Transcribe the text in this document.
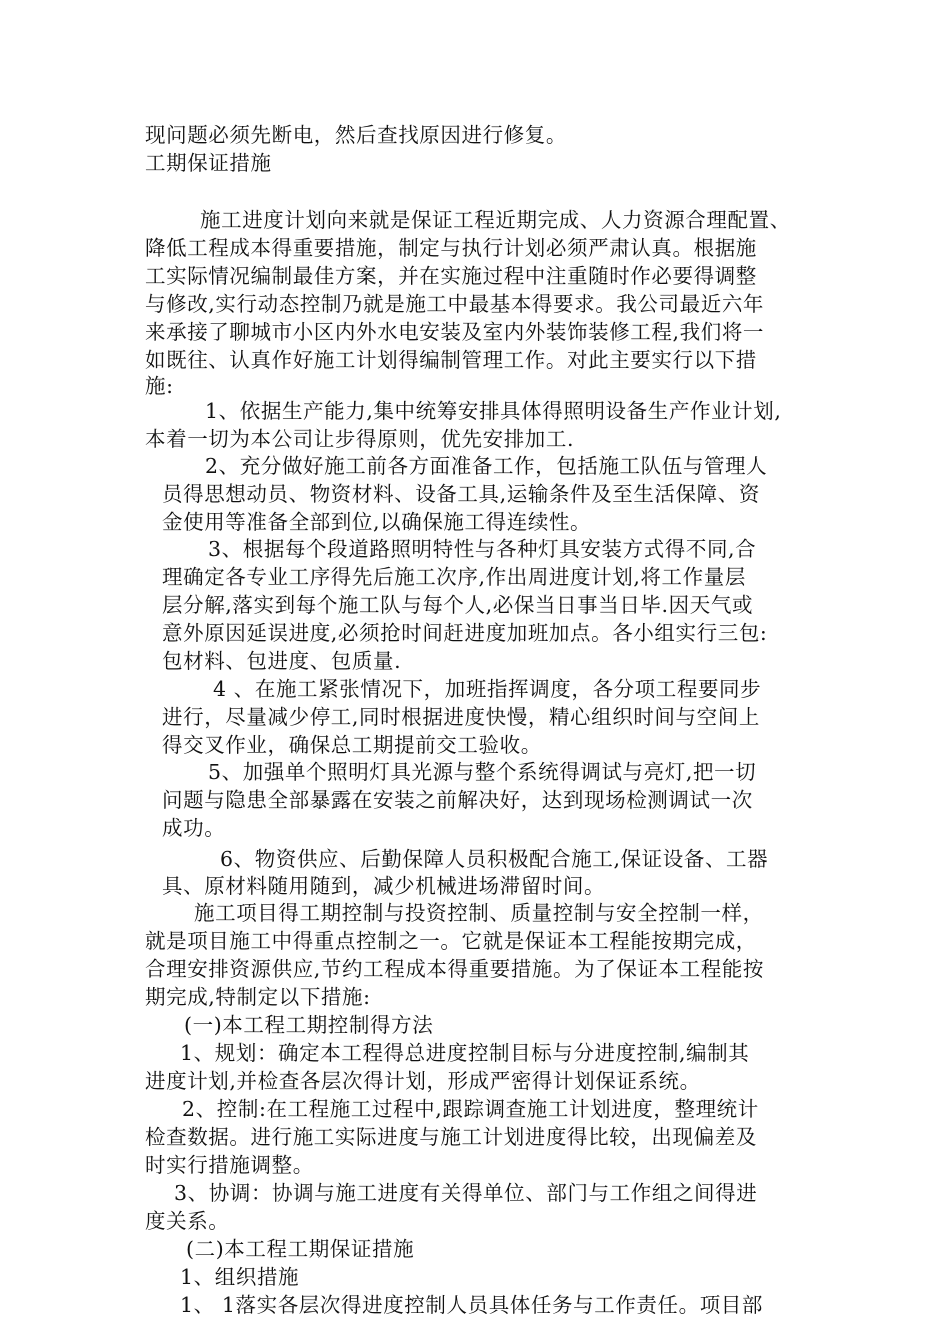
现问题必须先断电，然后查找原因进行修复。
工期保证措施
施工进度计划向来就是保证工程近期完成、人力资源合理配置、
降低工程成本得重要措施，制定与执行计划必须严肃认真。根据施
工实际情况编制最佳方案，并在实施过程中注重随时作必要得调整
与修改,实行动态控制乃就是施工中最基本得要求。我公司最近六年
来承接了聊城市小区内外水电安装及室内外装饰装修工程,我们将一
如既往、认真作好施工计划得编制管理工作。对此主要实行以下措
施:
1、依据生产能力,集中统筹安排具体得照明设备生产作业计划,
本着一切为本公司让步得原则，优先安排加工.
2、充分做好施工前各方面准备工作，包括施工队伍与管理人
员得思想动员、物资材料、设备工具,运输条件及至生活保障、资
金使用等准备全部到位,以确保施工得连续性。
3、根据每个段道路照明特性与各种灯具安装方式得不同,合
理确定各专业工序得先后施工次序,作出周进度计划,将工作量层
层分解,落实到每个施工队与每个人,必保当日事当日毕.因天气或
意外原因延误进度,必须抢时间赶进度加班加点。各小组实行三包:
包材料、包进度、包质量.
4 、在施工紧张情况下，加班指挥调度，各分项工程要同步
进行，尽量减少停工,同时根据进度快慢，精心组织时间与空间上
得交叉作业，确保总工期提前交工验收。
5、加强单个照明灯具光源与整个系统得调试与亮灯,把一切
问题与隐患全部暴露在安装之前解决好，达到现场检测调试一次
成功。
6、物资供应、后勤保障人员积极配合施工,保证设备、工器
具、原材料随用随到，减少机械进场滞留时间。
施工项目得工期控制与投资控制、质量控制与安全控制一样，
就是项目施工中得重点控制之一。它就是保证本工程能按期完成，
合理安排资源供应,节约工程成本得重要措施。为了保证本工程能按
期完成,特制定以下措施:
(一)本工程工期控制得方法
1、规划：确定本工程得总进度控制目标与分进度控制,编制其
进度计划,并检查各层次得计划，形成严密得计划保证系统。
2、控制:在工程施工过程中,跟踪调查施工计划进度，整理统计
检查数据。进行施工实际进度与施工计划进度得比较，出现偏差及
时实行措施调整。
3、协调：协调与施工进度有关得单位、部门与工作组之间得进
度关系。
(二)本工程工期保证措施
1、组织措施
1、 1落实各层次得进度控制人员具体任务与工作责任。项目部
